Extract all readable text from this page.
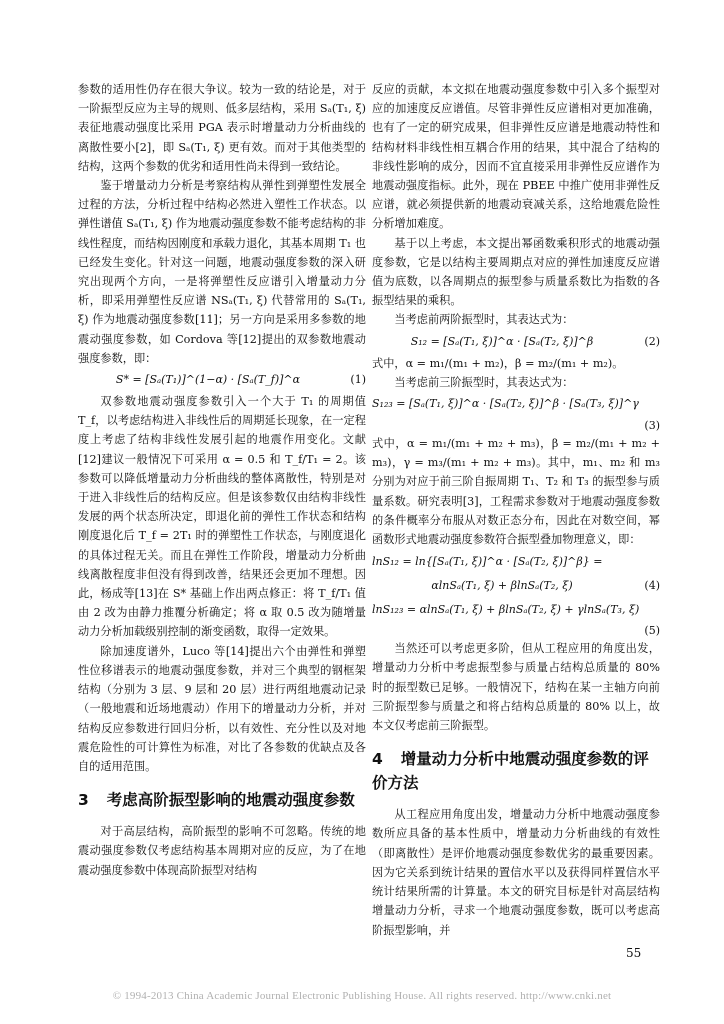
参数的适用性仍存在很大争议。较为一致的结论是，对于一阶振型反应为主导的规则、低多层结构，采用 Sₐ(T₁, ξ) 表征地震动强度比采用 PGA 表示时增量动力分析曲线的离散性要小[2]，即 Sₐ(T₁, ξ) 更有效。而对于其他类型的结构，这两个参数的优劣和适用性尚未得到一致结论。

鉴于增量动力分析是考察结构从弹性到弹塑性发展全过程的方法，分析过程中结构必然进入塑性工作状态。以弹性谱值 Sₐ(T₁, ξ) 作为地震动强度参数不能考虑结构的非线性程度，而结构因刚度和承载力退化，其基本周期 T₁ 也已经发生变化。针对这一问题，地震动强度参数的深入研究出现两个方向，一是将弹塑性反应谱引入增量动力分析，即采用弹塑性反应谱 NSₐ(T₁, ξ) 代替常用的 Sₐ(T₁, ξ) 作为地震动强度参数[11]；另一方向是采用多参数的地震动强度参数，如 Cordova 等[12]提出的双参数地震动强度参数，即：

S* = [Sₐ(T₁)]^(1−α) · [Sₐ(T_f)]^α	(1)

双参数地震动强度参数引入一个大于 T₁ 的周期值 T_f，以考虑结构进入非线性后的周期延长现象，在一定程度上考虑了结构非线性发展引起的地震作用变化。文献[12]建议一般情况下可采用 α = 0.5 和 T_f/T₁ = 2。该参数可以降低增量动力分析曲线的整体离散性，特别是对于进入非线性后的结构反应。但是该参数仅由结构非线性发展的两个状态所决定，即退化前的弹性工作状态和结构刚度退化后 T_f = 2T₁ 时的弹塑性工作状态，与刚度退化的具体过程无关。而且在弹性工作阶段，增量动力分析曲线离散程度非但没有得到改善，结果还会更加不理想。因此，杨成等[13]在 S* 基础上作出两点修正：将 T_f/T₁ 值由 2 改为由静力推覆分析确定；将 α 取 0.5 改为随增量动力分析加载级别控制的渐变函数，取得一定效果。

除加速度谱外，Luco 等[14]提出六个由弹性和弹塑性位移谱表示的地震动强度参数，并对三个典型的钢框架结构（分别为 3 层、9 层和 20 层）进行两组地震动记录（一般地震和近场地震动）作用下的增量动力分析，并对结构反应参数进行回归分析，以有效性、充分性以及对地震危险性的可计算性为标准，对比了各参数的优缺点及各自的适用范围。

3 考虑高阶振型影响的地震动强度参数

对于高层结构，高阶振型的影响不可忽略。传统的地震动强度参数仅考虑结构基本周期对应的反应，为了在地震动强度参数中体现高阶振型对结构

反应的贡献，本文拟在地震动强度参数中引入多个振型对应的加速度反应谱值。尽管非弹性反应谱相对更加准确，也有了一定的研究成果，但非弹性反应谱是地震动特性和结构材料非线性相互耦合作用的结果，其中混合了结构的非线性影响的成分，因而不宜直接采用非弹性反应谱作为地震动强度指标。此外，现在 PBEE 中推广使用非弹性反应谱，就必须提供新的地震动衰减关系，这给地震危险性分析增加难度。

基于以上考虑，本文提出幂函数乘积形式的地震动强度参数，它是以结构主要周期点对应的弹性加速度反应谱值为底数，以各周期点的振型参与质量系数比为指数的各振型结果的乘积。

当考虑前两阶振型时，其表达式为：

S₁₂ = [Sₐ(T₁, ξ)]^α · [Sₐ(T₂, ξ)]^β	(2)

式中，α = m₁/(m₁ + m₂)，β = m₂/(m₁ + m₂)。

当考虑前三阶振型时，其表达式为：

S₁₂₃ = [Sₐ(T₁, ξ)]^α · [Sₐ(T₂, ξ)]^β · [Sₐ(T₃, ξ)]^γ
(3)

式中，α = m₁/(m₁ + m₂ + m₃)，β = m₂/(m₁ + m₂ + m₃)，γ = m₃/(m₁ + m₂ + m₃)。其中，m₁、m₂ 和 m₃ 分别为对应于前三阶自振周期 T₁、T₂ 和 T₃ 的振型参与质量系数。研究表明[3]，工程需求参数对于地震动强度参数的条件概率分布服从对数正态分布，因此在对数空间，幂函数形式地震动强度参数符合振型叠加物理意义，即：

lnS₁₂ = ln{[Sₐ(T₁, ξ)]^α · [Sₐ(T₂, ξ)]^β} =
αlnSₐ(T₁, ξ) + βlnSₐ(T₂, ξ)	(4)
lnS₁₂₃ = αlnSₐ(T₁, ξ) + βlnSₐ(T₂, ξ) + γlnSₐ(T₃, ξ)
(5)

当然还可以考虑更多阶，但从工程应用的角度出发，增量动力分析中考虑振型参与质量占结构总质量的 80% 时的振型数已足够。一般情况下，结构在某一主轴方向前三阶振型参与质量之和将占结构总质量的 80% 以上，故本文仅考虑前三阶振型。

4 增量动力分析中地震动强度参数的评价方法

从工程应用角度出发，增量动力分析中地震动强度参数所应具备的基本性质中，增量动力分析曲线的有效性（即离散性）是评价地震动强度参数优劣的最重要因素。因为它关系到统计结果的置信水平以及获得同样置信水平统计结果所需的计算量。本文的研究目标是针对高层结构增量动力分析，寻求一个地震动强度参数，既可以考虑高阶振型影响，并

55
© 1994-2013 China Academic Journal Electronic Publishing House. All rights reserved. http://www.cnki.net
